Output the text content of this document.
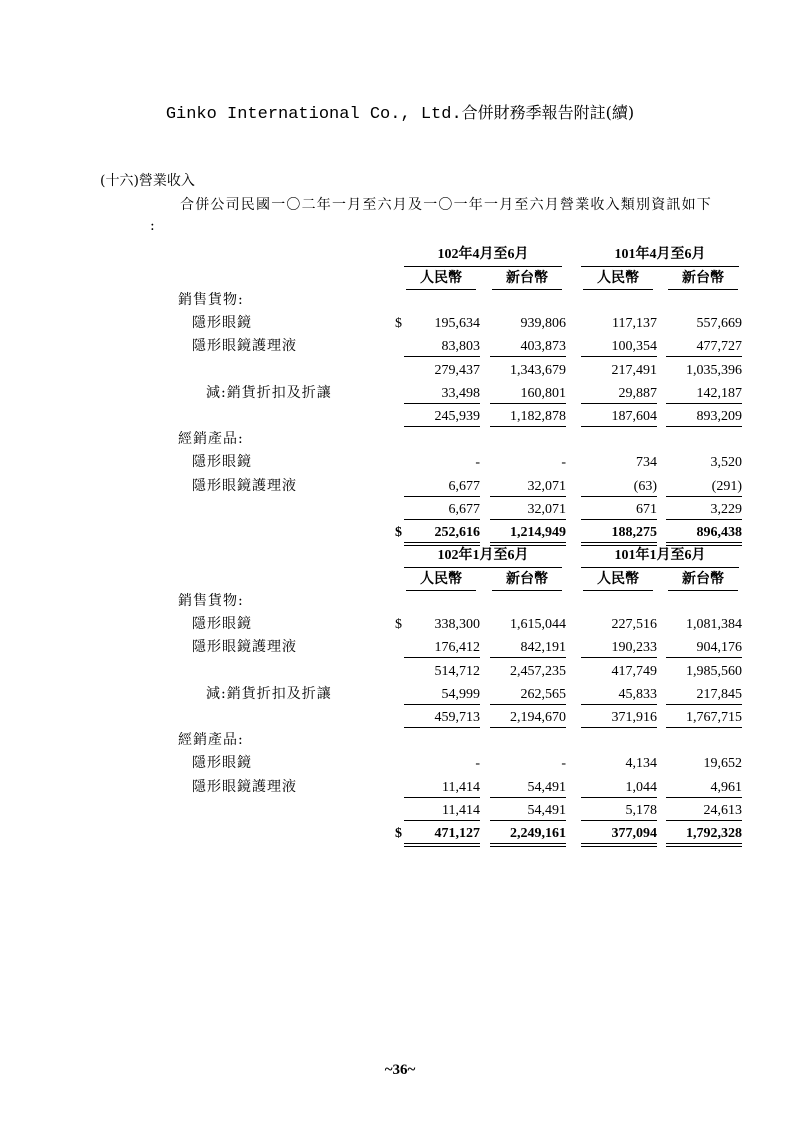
Ginko International Co., Ltd.合併財務季報告附註(續)
(十六)營業收入
合併公司民國一〇二年一月至六月及一〇一年一月至六月營業收入類別資訊如下
:
102年4月至6月	101年4月至6月
人民幣	新台幣	人民幣	新台幣
銷售貨物:
隱形眼鏡	$	195,634	939,806	117,137	557,669
隱形眼鏡護理液	83,803	403,873	100,354	477,727
279,437	1,343,679	217,491	1,035,396
減:銷貨折扣及折讓	33,498	160,801	29,887	142,187
245,939	1,182,878	187,604	893,209
經銷產品:
隱形眼鏡	-	-	734	3,520
隱形眼鏡護理液	6,677	32,071	(63)	(291)
6,677	32,071	671	3,229
$	252,616	1,214,949	188,275	896,438
102年1月至6月	101年1月至6月
人民幣	新台幣	人民幣	新台幣
銷售貨物:
隱形眼鏡	$	338,300	1,615,044	227,516	1,081,384
隱形眼鏡護理液	176,412	842,191	190,233	904,176
514,712	2,457,235	417,749	1,985,560
減:銷貨折扣及折讓	54,999	262,565	45,833	217,845
459,713	2,194,670	371,916	1,767,715
經銷產品:
隱形眼鏡	-	-	4,134	19,652
隱形眼鏡護理液	11,414	54,491	1,044	4,961
11,414	54,491	5,178	24,613
$	471,127	2,249,161	377,094	1,792,328
~36~
